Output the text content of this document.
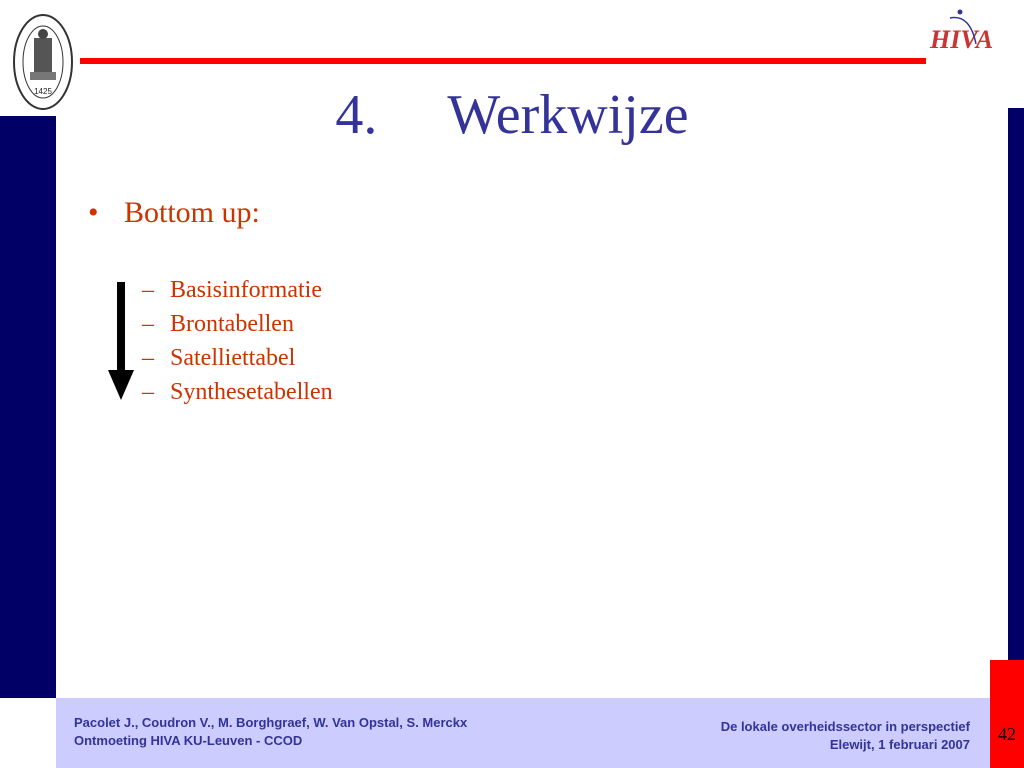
1425
HIVA
4.	Werkwijze
• Bottom up:
– Basisinformatie
– Brontabellen
– Satelliettabel
– Synthesetabellen
Pacolet J., Coudron V., M. Borghgraef, W. Van Opstal, S. Merckx
Ontmoeting HIVA KU-Leuven - CCOD
De lokale overheidssector in perspectief
Elewijt, 1 februari 2007
42
